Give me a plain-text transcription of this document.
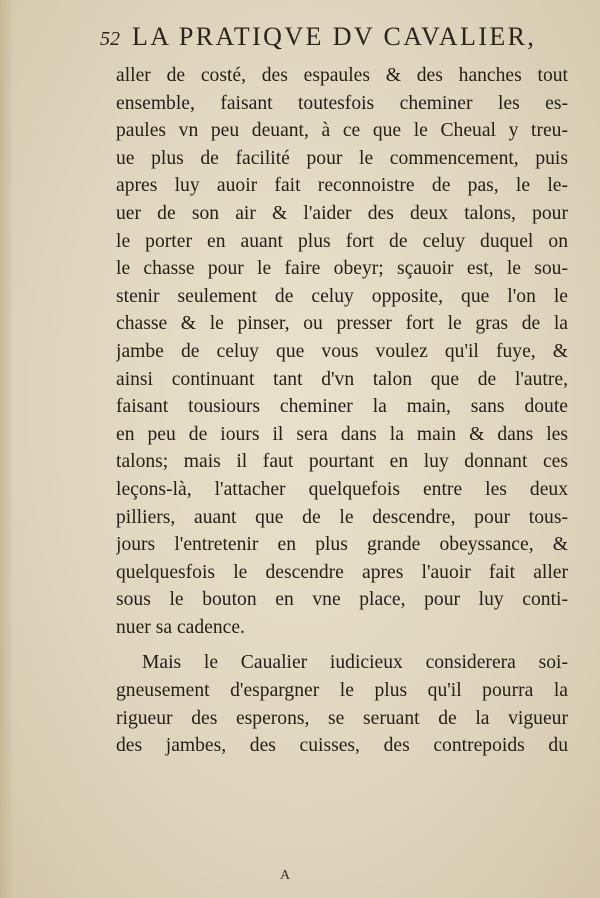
52 LA PRATIQVE DV CAVALIER,
aller de costé, des espaules & des hanches tout
ensemble, faisant toutesfois cheminer les es-
paules vn peu deuant, à ce que le Cheual y treu-
ue plus de facilité pour le commencement, puis
apres luy auoir fait reconnoistre de pas, le le-
uer de son air & l'aider des deux talons, pour
le porter en auant plus fort de celuy duquel on
le chasse pour le faire obeyr; sçauoir est, le sou-
stenir seulement de celuy opposite, que l'on le
chasse & le pinser, ou presser fort le gras de la
jambe de celuy que vous voulez qu'il fuye, &
ainsi continuant tant d'vn talon que de l'autre,
faisant tousiours cheminer la main, sans doute
en peu de iours il sera dans la main & dans les
talons; mais il faut pourtant en luy donnant ces
leçons-là, l'attacher quelquefois entre les deux
pilliers, auant que de le descendre, pour tous-
jours l'entretenir en plus grande obeyssance, &
quelquesfois le descendre apres l'auoir fait aller
sous le bouton en vne place, pour luy conti-
nuer sa cadence.
Mais le Caualier iudicieux considerera soi-
gneusement d'espargner le plus qu'il pourra la
rigueur des esperons, se seruant de la vigueur
des jambes, des cuisses, des contrepoids du
A
